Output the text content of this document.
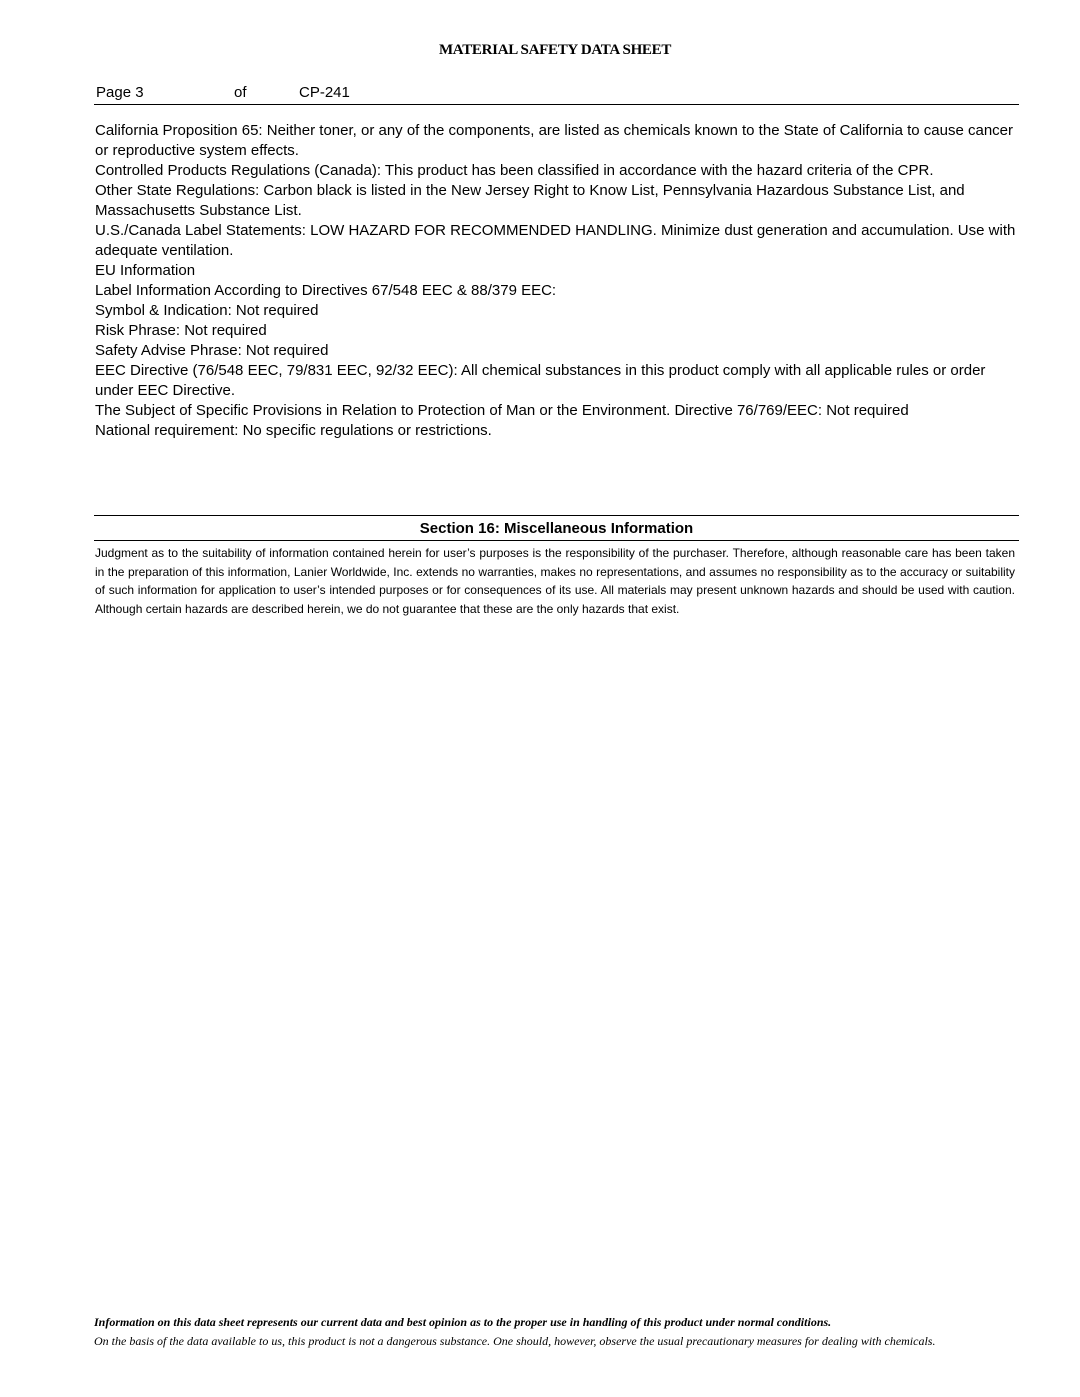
MATERIAL SAFETY DATA SHEET
Page 3	of	CP-241

California Proposition 65: Neither toner, or any of the components, are listed as chemicals known to the State of California to cause cancer or reproductive system effects.

Controlled Products Regulations (Canada): This product has been classified in accordance with the hazard criteria of the CPR.

Other State Regulations: Carbon black is listed in the New Jersey Right to Know List, Pennsylvania Hazardous Substance List, and Massachusetts Substance List.

U.S./Canada Label Statements: LOW HAZARD FOR RECOMMENDED HANDLING. Minimize dust generation and accumulation. Use with adequate ventilation.

EU Information

Label Information According to Directives 67/548 EEC & 88/379 EEC:

Symbol & Indication: Not required

Risk Phrase: Not required

Safety Advise Phrase: Not required

EEC Directive (76/548 EEC, 79/831 EEC, 92/32 EEC): All chemical substances in this product comply with all applicable rules or order under EEC Directive.

The Subject of Specific Provisions in Relation to Protection of Man or the Environment. Directive 76/769/EEC: Not required

National requirement: No specific regulations or restrictions.

Section 16: Miscellaneous Information
Judgment as to the suitability of information contained herein for user’s purposes is the responsibility of the purchaser. Therefore, although reasonable care has been taken in the preparation of this information, Lanier Worldwide, Inc. extends no warranties, makes no representations, and assumes no responsibility as to the accuracy or suitability of such information for application to user’s intended purposes or for consequences of its use. All materials may present unknown hazards and should be used with caution. Although certain hazards are described herein, we do not guarantee that these are the only hazards that exist.

Information on this data sheet represents our current data and best opinion as to the proper use in handling of this product under normal conditions.

On the basis of the data available to us, this product is not a dangerous substance. One should, however, observe the usual precautionary measures for dealing with chemicals.
